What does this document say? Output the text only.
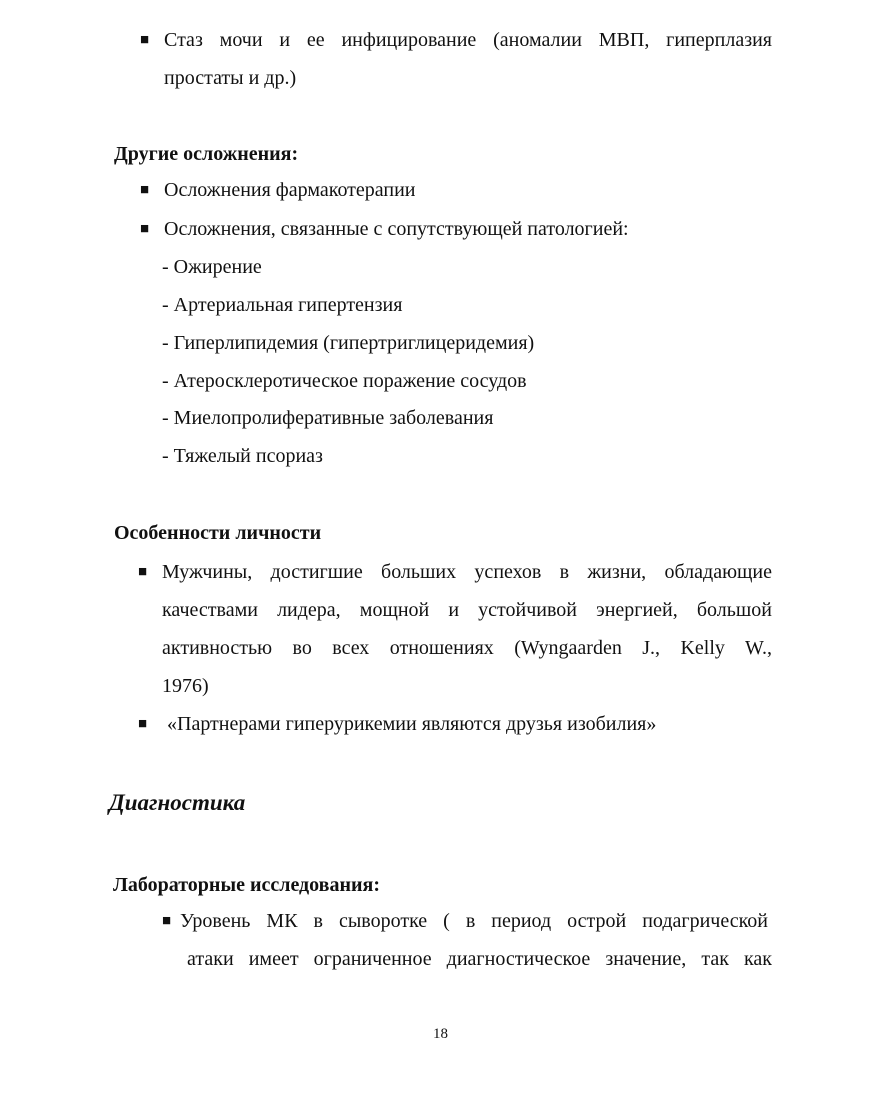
■ Стаз мочи и ее инфицирование (аномалии МВП, гиперплазия
простаты и др.)
Другие осложнения:
■ Осложнения фармакотерапии
■ Осложнения, связанные с сопутствующей патологией:
- Ожирение
- Артериальная гипертензия
- Гиперлипидемия (гипертриглицеридемия)
- Атеросклеротическое поражение сосудов
- Миелопролиферативные заболевания
- Тяжелый псориаз
Особенности личности
■ Мужчины, достигшие больших успехов в жизни, обладающие
качествами лидера, мощной и устойчивой энергией, большой
активностью во всех отношениях (Wyngaarden J., Kelly W.,
1976)
■ «Партнерами гиперурикемии являются друзья изобилия»
Диагностика
Лабораторные исследования:
■ Уровень МК в сыворотке ( в период острой подагрической
атаки имеет ограниченное диагностическое значение, так как
18
